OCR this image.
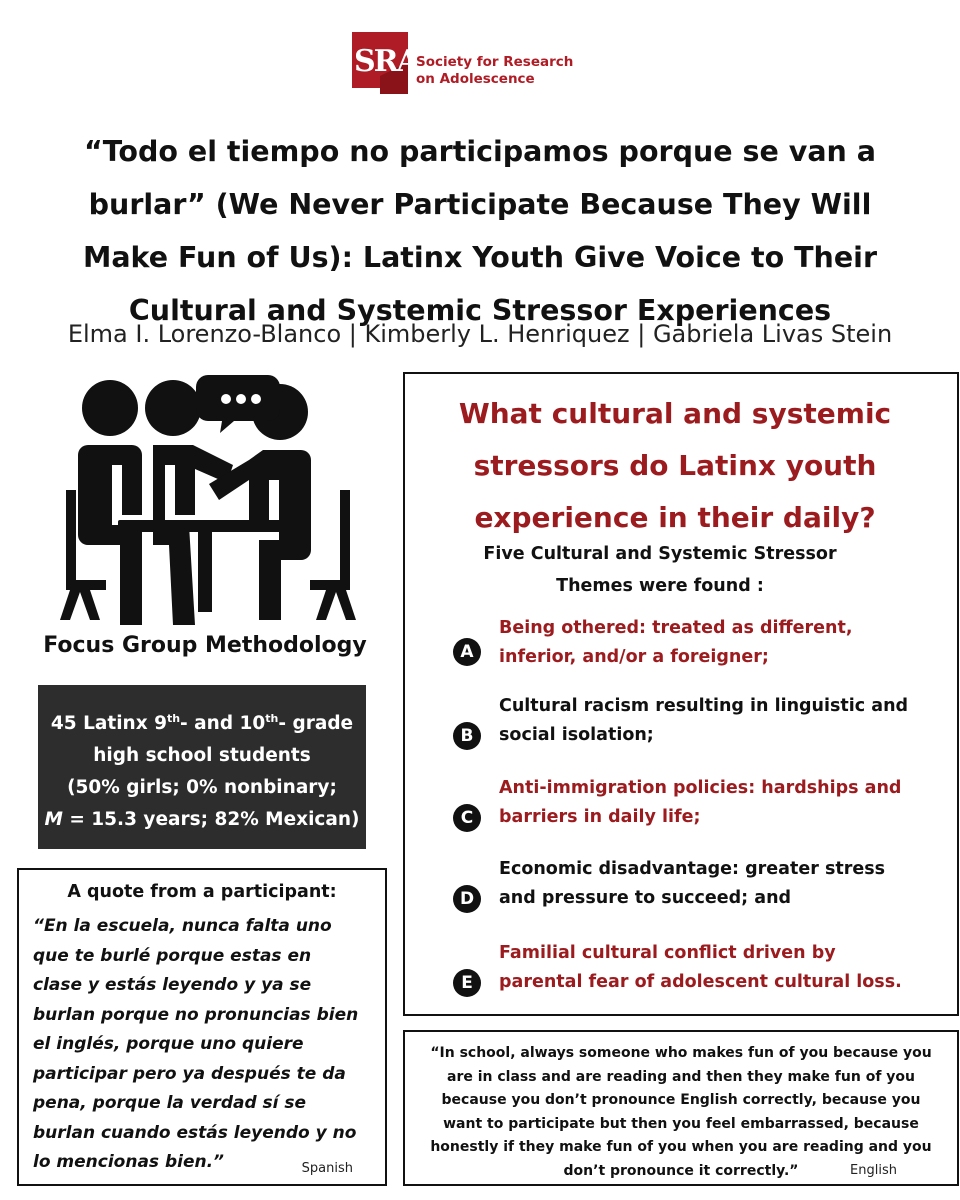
SRA
Society for Research
on Adolescence
“Todo el tiempo no participamos porque se van a
burlar” (We Never Participate Because They Will
Make Fun of Us): Latinx Youth Give Voice to Their
Cultural and Systemic Stressor Experiences
Elma I. Lorenzo-Blanco | Kimberly L. Henriquez | Gabriela Livas Stein
Focus Group Methodology
45 Latinx 9th- and 10th- grade
high school students
(50% girls; 0% nonbinary;
M = 15.3 years; 82% Mexican)
A quote from a participant:
“En la escuela, nunca falta uno
que te burlé porque estas en
clase y estás leyendo y ya se
burlan porque no pronuncias bien
el inglés, porque uno quiere
participar pero ya después te da
pena, porque la verdad sí se
burlan cuando estás leyendo y no
lo mencionas bien.”	Spanish
What cultural and systemic
stressors do Latinx youth
experience in their daily?
Five Cultural and Systemic Stressor
Themes were found :
A
Being othered: treated as different,
inferior, and/or a foreigner;
B
Cultural racism resulting in linguistic and
social isolation;
C
Anti-immigration policies: hardships and
barriers in daily life;
D
Economic disadvantage: greater stress
and pressure to succeed; and
E
Familial cultural conflict driven by
parental fear of adolescent cultural loss.
“In school, always someone who makes fun of you because you
are in class and are reading and then they make fun of you
because you don’t pronounce English correctly, because you
want to participate but then you feel embarrassed, because
honestly if they make fun of you when you are reading and you
don’t pronounce it correctly.”	English
